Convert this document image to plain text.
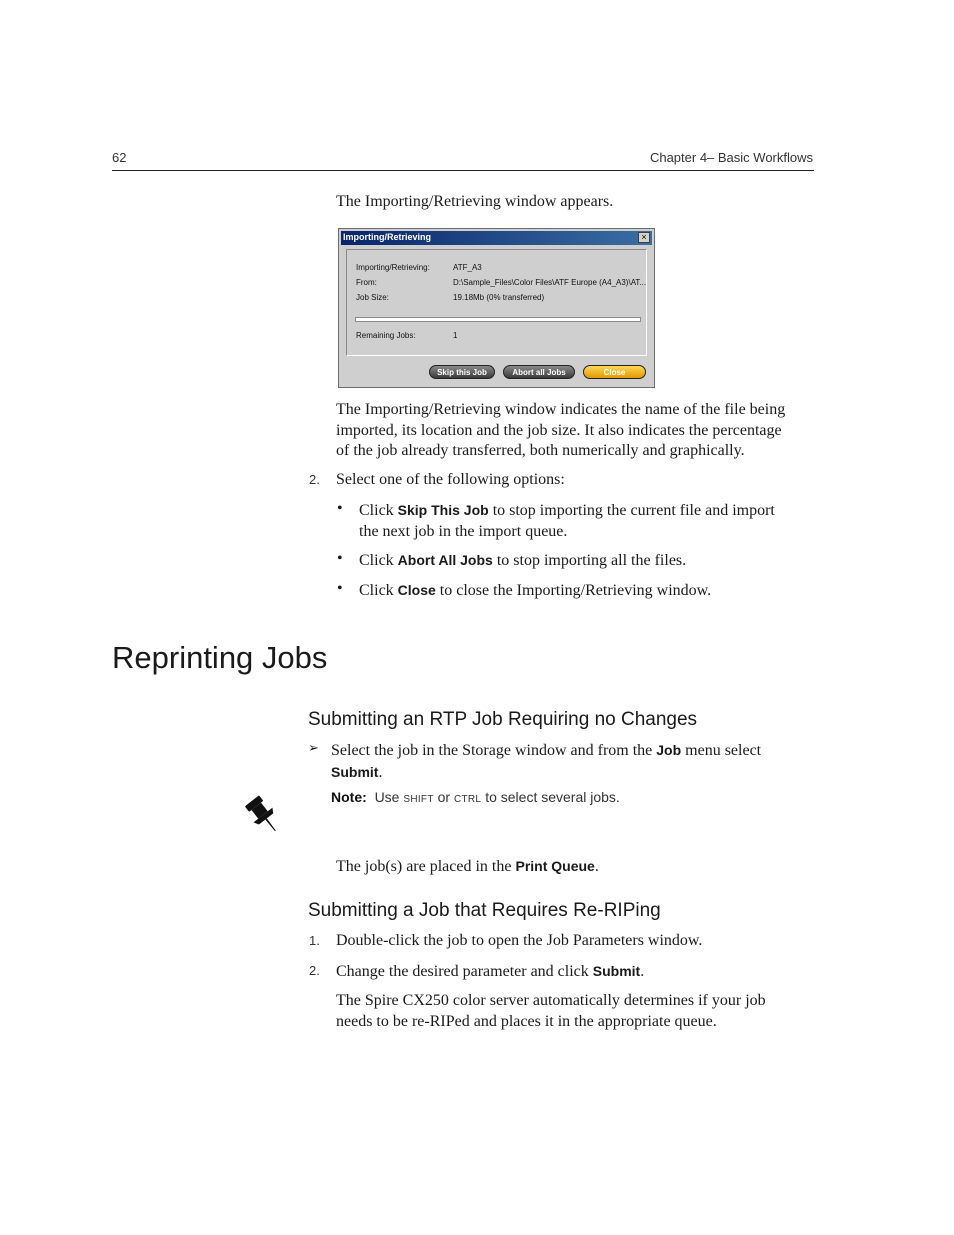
62	Chapter 4– Basic Workflows
The Importing/Retrieving window appears.
Importing/Retrieving	×
Importing/Retrieving:	ATF_A3
From:	D:\Sample_Files\Color Files\ATF Europe (A4_A3)\AT...
Job Size:	19.18Mb (0% transferred)
Remaining Jobs:	1
Skip this Job	Abort all Jobs	Close
The Importing/Retrieving window indicates the name of the file being
imported, its location and the job size. It also indicates the percentage
of the job already transferred, both numerically and graphically.
2. Select one of the following options:
• Click Skip This Job to stop importing the current file and import
the next job in the import queue.
• Click Abort All Jobs to stop importing all the files.
• Click Close to close the Importing/Retrieving window.
Reprinting Jobs
Submitting an RTP Job Requiring no Changes
➢ Select the job in the Storage window and from the Job menu select
Submit.
Note: Use SHIFT or CTRL to select several jobs.
The job(s) are placed in the Print Queue.
Submitting a Job that Requires Re-RIPing
1. Double-click the job to open the Job Parameters window.
2. Change the desired parameter and click Submit.
The Spire CX250 color server automatically determines if your job
needs to be re-RIPed and places it in the appropriate queue.
